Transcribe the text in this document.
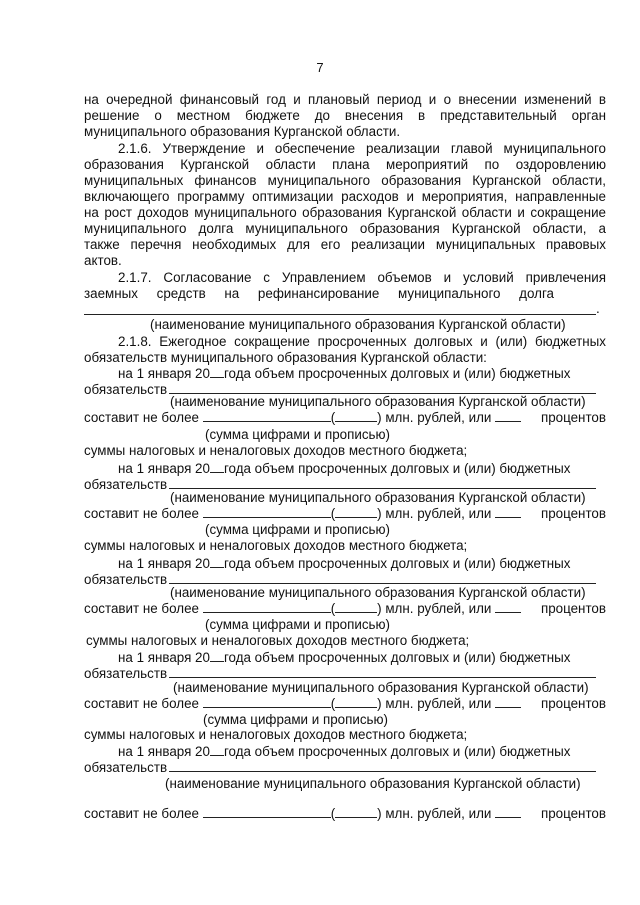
7
на очередной финансовый год и плановый период и о внесении изменений в
решение о местном бюджете до внесения в представительный орган
муниципального образования Курганской области.
2.1.6. Утверждение и обеспечение реализации главой муниципального
образования Курганской области плана мероприятий по оздоровлению
муниципальных финансов муниципального образования Курганской области,
включающего программу оптимизации расходов и мероприятия, направленные
на рост доходов муниципального образования Курганской области и сокращение
муниципального долга муниципального образования Курганской области, а
также перечня необходимых для его реализации муниципальных правовых
актов.
2.1.7. Согласование с Управлением объемов и условий привлечения
заемных средств на рефинансирование муниципального долга
.
(наименование муниципального образования Курганской области)
2.1.8. Ежегодное сокращение просроченных долговых и (или) бюджетных
обязательств муниципального образования Курганской области:
на 1 января 20 года объем просроченных долговых и (или) бюджетных
обязательств
(наименование муниципального образования Курганской области)
составит не более
	(	) млн. рублей, или
	процентов
(сумма цифрами и прописью)
суммы налоговых и неналоговых доходов местного бюджета;
на 1 января 20 года объем просроченных долговых и (или) бюджетных
обязательств
(наименование муниципального образования Курганской области)
составит не более
	(	) млн. рублей, или
	процентов
(сумма цифрами и прописью)
суммы налоговых и неналоговых доходов местного бюджета;
на 1 января 20 года объем просроченных долговых и (или) бюджетных
обязательств
(наименование муниципального образования Курганской области)
составит не более
	(	) млн. рублей, или
	процентов
(сумма цифрами и прописью)
суммы налоговых и неналоговых доходов местного бюджета;
на 1 января 20 года объем просроченных долговых и (или) бюджетных
обязательств
(наименование муниципального образования Курганской области)
составит не более
	(	) млн. рублей, или
	процентов
(сумма цифрами и прописью)
суммы налоговых и неналоговых доходов местного бюджета;
на 1 января 20 года объем просроченных долговых и (или) бюджетных
обязательств
(наименование муниципального образования Курганской области)
составит не более
	(	) млн. рублей, или
	процентов
